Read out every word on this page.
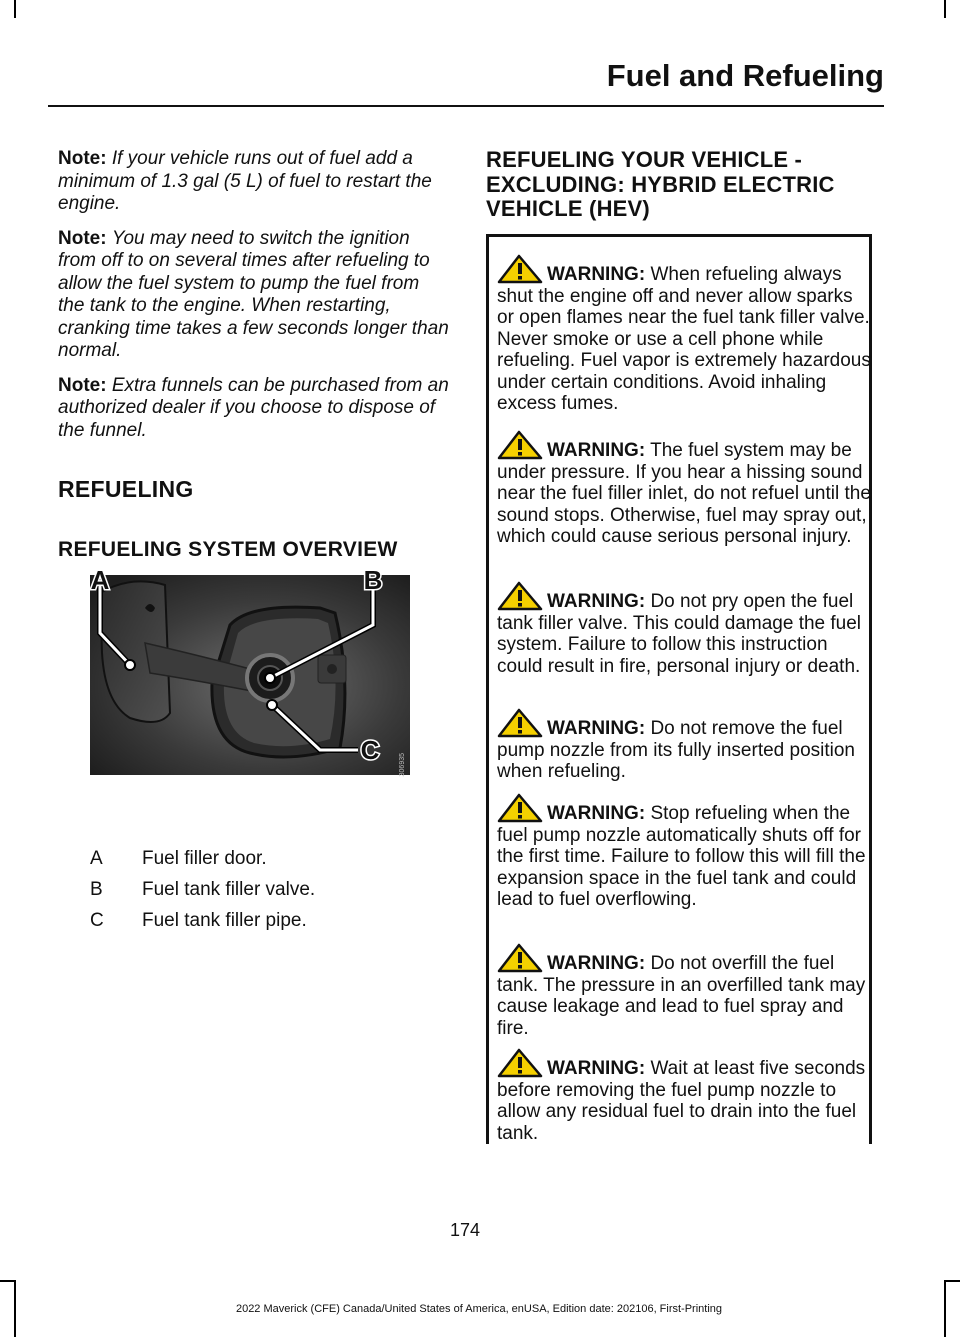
Fuel and Refueling

Note: If your vehicle runs out of fuel add a minimum of 1.3 gal (5 L) of fuel to restart the engine.

Note: You may need to switch the ignition from off to on several times after refueling to allow the fuel system to pump the fuel from the tank to the engine. When restarting, cranking time takes a few seconds longer than normal.

Note: Extra funnels can be purchased from an authorized dealer if you choose to dispose of the funnel.

REFUELING
REFUELING SYSTEM OVERVIEW
A	B
C
E306935
A	Fuel filler door.
B	Fuel tank filler valve.
C	Fuel tank filler pipe.
REFUELING YOUR VEHICLE - EXCLUDING: HYBRID ELECTRIC VEHICLE (HEV)
WARNING: When refueling always shut the engine off and never allow sparks or open flames near the fuel tank filler valve. Never smoke or use a cell phone while refueling. Fuel vapor is extremely hazardous under certain conditions. Avoid inhaling excess fumes.
WARNING: The fuel system may be under pressure. If you hear a hissing sound near the fuel filler inlet, do not refuel until the sound stops. Otherwise, fuel may spray out, which could cause serious personal injury.
WARNING: Do not pry open the fuel tank filler valve. This could damage the fuel system. Failure to follow this instruction could result in fire, personal injury or death.
WARNING: Do not remove the fuel pump nozzle from its fully inserted position when refueling.
WARNING: Stop refueling when the fuel pump nozzle automatically shuts off for the first time. Failure to follow this will fill the expansion space in the fuel tank and could lead to fuel overflowing.
WARNING: Do not overfill the fuel tank. The pressure in an overfilled tank may cause leakage and lead to fuel spray and fire.
WARNING: Wait at least five seconds before removing the fuel pump nozzle to allow any residual fuel to drain into the fuel tank.
174
2022 Maverick (CFE) Canada/United States of America, enUSA, Edition date: 202106, First-Printing
